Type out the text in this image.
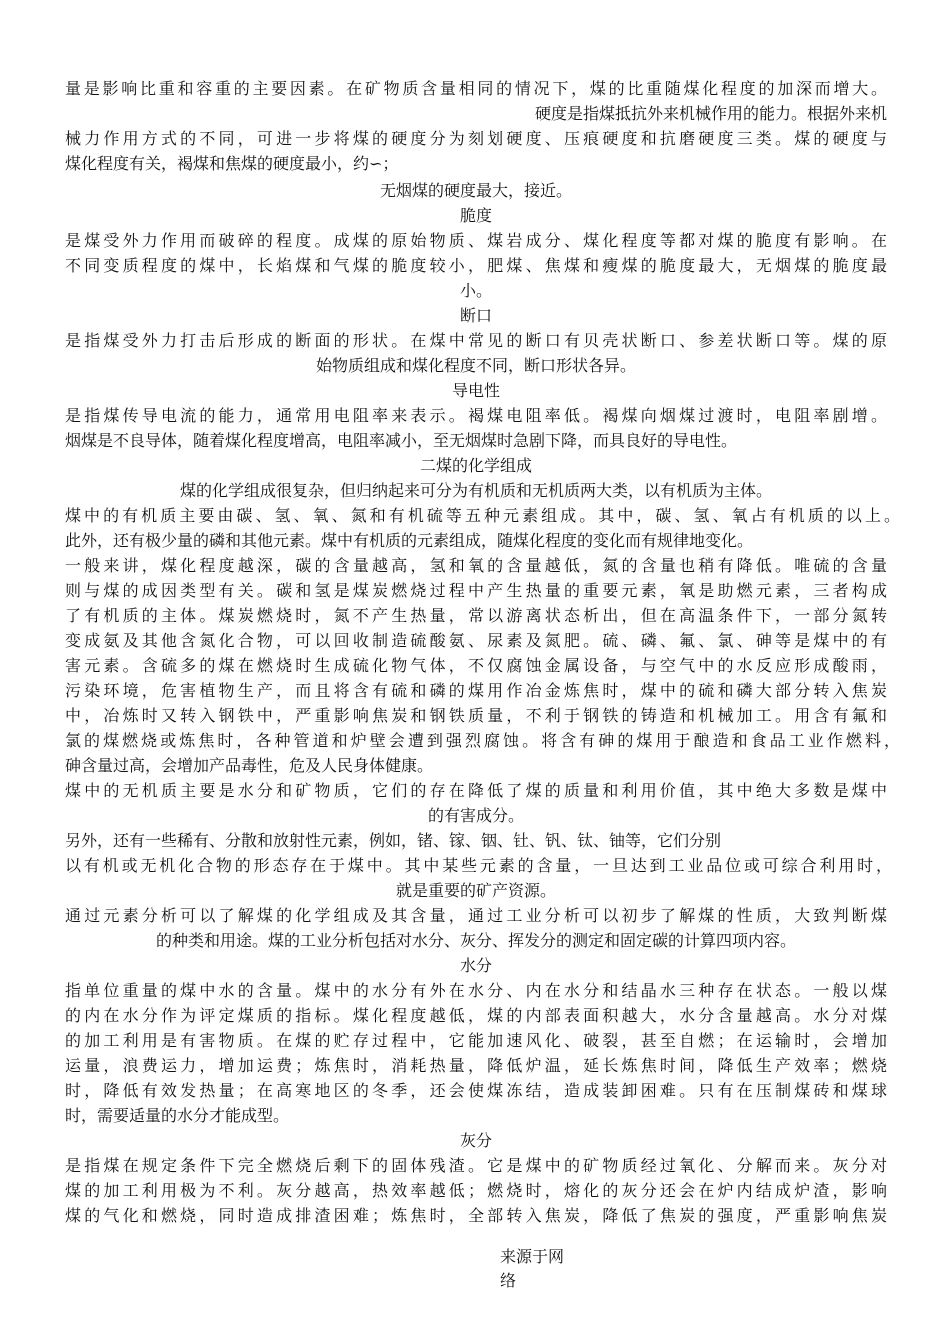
量是影响比重和容重的主要因素。在矿物质含量相同的情况下，煤的比重随煤化程度的加深而增大。
硬度是指煤抵抗外来机械作用的能力。根据外来机
械力作用方式的不同，可进一步将煤的硬度分为刻划硬度、压痕硬度和抗磨硬度三类。煤的硬度与
煤化程度有关，褐煤和焦煤的硬度最小，约∽；
无烟煤的硬度最大，接近。
脆度
是煤受外力作用而破碎的程度。成煤的原始物质、煤岩成分、煤化程度等都对煤的脆度有影响。在
不同变质程度的煤中，长焰煤和气煤的脆度较小，肥煤、焦煤和瘦煤的脆度最大，无烟煤的脆度最
小。
断口
是指煤受外力打击后形成的断面的形状。在煤中常见的断口有贝壳状断口、参差状断口等。煤的原
始物质组成和煤化程度不同，断口形状各异。
导电性
是指煤传导电流的能力，通常用电阻率来表示。褐煤电阻率低。褐煤向烟煤过渡时，电阻率剧增。
烟煤是不良导体，随着煤化程度增高，电阻率减小，至无烟煤时急剧下降，而具良好的导电性。
二煤的化学组成
煤的化学组成很复杂，但归纳起来可分为有机质和无机质两大类，以有机质为主体。
煤中的有机质主要由碳、氢、氧、氮和有机硫等五种元素组成。其中，碳、氢、氧占有机质的以上。
此外，还有极少量的磷和其他元素。煤中有机质的元素组成，随煤化程度的变化而有规律地变化。
一般来讲，煤化程度越深，碳的含量越高，氢和氧的含量越低，氮的含量也稍有降低。唯硫的含量
则与煤的成因类型有关。碳和氢是煤炭燃烧过程中产生热量的重要元素，氧是助燃元素，三者构成
了有机质的主体。煤炭燃烧时，氮不产生热量，常以游离状态析出，但在高温条件下，一部分氮转
变成氨及其他含氮化合物，可以回收制造硫酸氨、尿素及氮肥。硫、磷、氟、氯、砷等是煤中的有
害元素。含硫多的煤在燃烧时生成硫化物气体，不仅腐蚀金属设备，与空气中的水反应形成酸雨，
污染环境，危害植物生产，而且将含有硫和磷的煤用作冶金炼焦时，煤中的硫和磷大部分转入焦炭
中，冶炼时又转入钢铁中，严重影响焦炭和钢铁质量，不利于钢铁的铸造和机械加工。用含有氟和
氯的煤燃烧或炼焦时，各种管道和炉壁会遭到强烈腐蚀。将含有砷的煤用于酿造和食品工业作燃料，
砷含量过高，会增加产品毒性，危及人民身体健康。
煤中的无机质主要是水分和矿物质，它们的存在降低了煤的质量和利用价值，其中绝大多数是煤中
的有害成分。
另外，还有一些稀有、分散和放射性元素，例如，锗、镓、铟、钍、钒、钛、铀等，它们分别
以有机或无机化合物的形态存在于煤中。其中某些元素的含量，一旦达到工业品位或可综合利用时，
就是重要的矿产资源。
通过元素分析可以了解煤的化学组成及其含量，通过工业分析可以初步了解煤的性质，大致判断煤
的种类和用途。煤的工业分析包括对水分、灰分、挥发分的测定和固定碳的计算四项内容。
水分
指单位重量的煤中水的含量。煤中的水分有外在水分、内在水分和结晶水三种存在状态。一般以煤
的内在水分作为评定煤质的指标。煤化程度越低，煤的内部表面积越大，水分含量越高。水分对煤
的加工利用是有害物质。在煤的贮存过程中，它能加速风化、破裂，甚至自燃；在运输时，会增加
运量，浪费运力，增加运费；炼焦时，消耗热量，降低炉温，延长炼焦时间，降低生产效率；燃烧
时，降低有效发热量；在高寒地区的冬季，还会使煤冻结，造成装卸困难。只有在压制煤砖和煤球
时，需要适量的水分才能成型。
灰分
是指煤在规定条件下完全燃烧后剩下的固体残渣。它是煤中的矿物质经过氧化、分解而来。灰分对
煤的加工利用极为不利。灰分越高，热效率越低；燃烧时，熔化的灰分还会在炉内结成炉渣，影响
煤的气化和燃烧，同时造成排渣困难；炼焦时，全部转入焦炭，降低了焦炭的强度，严重影响焦炭
来源于网
络
